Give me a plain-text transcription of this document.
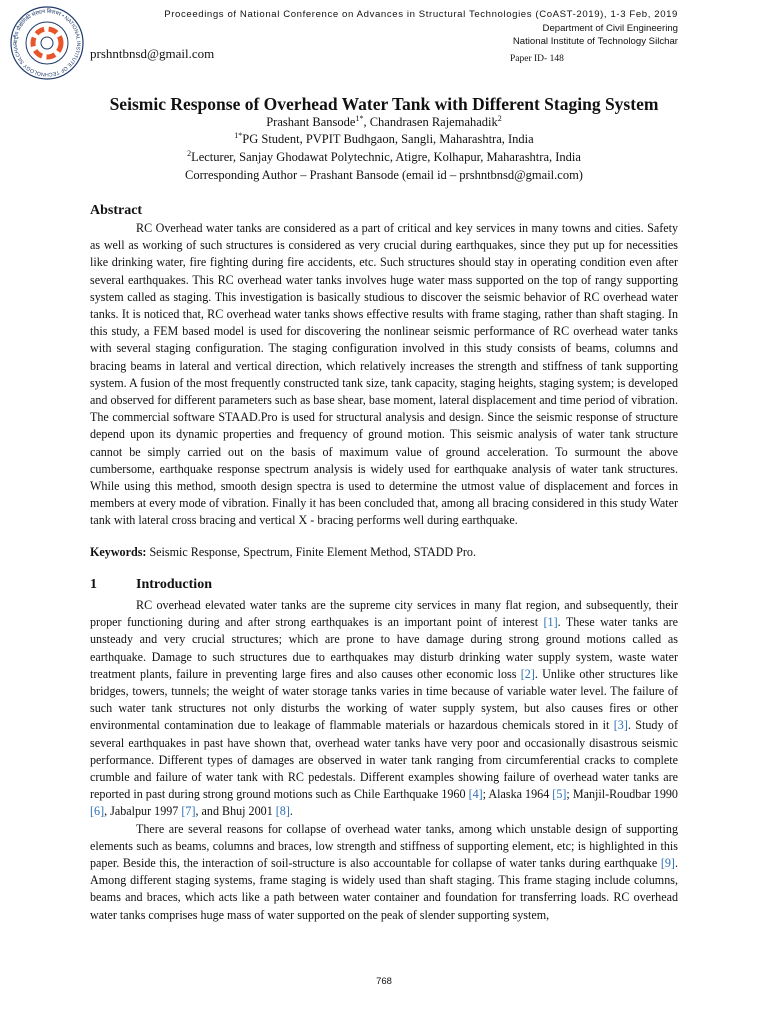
राष्ट्रीय प्रौद्योगिकी संस्थान सिलचर • NATIONAL INSTITUTE OF TECHNOLOGY SILCHAR
Proceedings of National Conference on Advances in Structural Technologies (CoAST-2019), 1-3 Feb, 2019
Department of Civil Engineering
National Institute of Technology Silchar
prshntbnsd@gmail.com	Paper ID- 148
Seismic Response of Overhead Water Tank with Different Staging System
Prashant Bansode$^{1*}$, Chandrasen Rajemahadik$^2$
$^{1*}$PG Student, PVPIT Budhgaon, Sangli, Maharashtra, India
$^2$Lecturer, Sanjay Ghodawat Polytechnic, Atigre, Kolhapur, Maharashtra, India
Corresponding Author – Prashant Bansode (email id – prshntbnsd@gmail.com)
Abstract

RC Overhead water tanks are considered as a part of critical and key services in many towns and cities. Safety as well as working of such structures is considered as very crucial during earthquakes, since they put up for necessities like drinking water, fire fighting during fire accidents, etc. Such structures should stay in operating condition even after several earthquakes. This RC overhead water tanks involves huge water mass supported on the top of rangy supporting system called as staging. This investigation is basically studious to discover the seismic behavior of RC overhead water tanks. It is noticed that, RC overhead water tanks shows effective results with frame staging, rather than shaft staging. In this study, a FEM based model is used for discovering the nonlinear seismic performance of RC overhead water tanks with several staging configuration. The staging configuration involved in this study consists of beams, columns and bracing beams in lateral and vertical direction, which relatively increases the strength and stiffness of tank supporting system. A fusion of the most frequently constructed tank size, tank capacity, staging heights, staging system; is developed and observed for different parameters such as base shear, base moment, lateral displacement and time period of vibration. The commercial software STAAD.Pro is used for structural analysis and design. Since the seismic response of structure depend upon its dynamic properties and frequency of ground motion. This seismic analysis of water tank structure cannot be simply carried out on the basis of maximum value of ground acceleration. To surmount the above cumbersome, earthquake response spectrum analysis is widely used for earthquake analysis of water tank structures. While using this method, smooth design spectra is used to determine the utmost value of displacement and forces in members at every mode of vibration. Finally it has been concluded that, among all bracing considered in this study Water tank with lateral cross bracing and vertical X - bracing performs well during earthquake.

Keywords: Seismic Response, Spectrum, Finite Element Method, STADD Pro.
1	Introduction

RC overhead elevated water tanks are the supreme city services in many flat region, and subsequently, their proper functioning during and after strong earthquakes is an important point of interest [1]. These water tanks are unsteady and very crucial structures; which are prone to have damage during strong ground motions called as earthquake. Damage to such structures due to earthquakes may disturb drinking water supply system, waste water treatment plants, failure in preventing large fires and also causes other economic loss [2]. Unlike other structures like bridges, towers, tunnels; the weight of water storage tanks varies in time because of variable water level. The failure of such water tank structures not only disturbs the working of water supply system, but also causes fires or other environmental contamination due to leakage of flammable materials or hazardous chemicals stored in it [3]. Study of several earthquakes in past have shown that, overhead water tanks have very poor and occasionally disastrous seismic performance. Different types of damages are observed in water tank ranging from circumferential cracks to complete crumble and failure of water tank with RC pedestals. Different examples showing failure of overhead water tanks are reported in past during strong ground motions such as Chile Earthquake 1960 [4]; Alaska 1964 [5]; Manjil-Roudbar 1990 [6], Jabalpur 1997 [7], and Bhuj 2001 [8].

There are several reasons for collapse of overhead water tanks, among which unstable design of supporting elements such as beams, columns and braces, low strength and stiffness of supporting element, etc; is highlighted in this paper. Beside this, the interaction of soil-structure is also accountable for collapse of water tanks during earthquake [9]. Among different staging systems, frame staging is widely used than shaft staging. This frame staging include columns, beams and braces, which acts like a path between water container and foundation for transferring loads. RC overhead water tanks comprises huge mass of water supported on the peak of slender supporting system,

768
